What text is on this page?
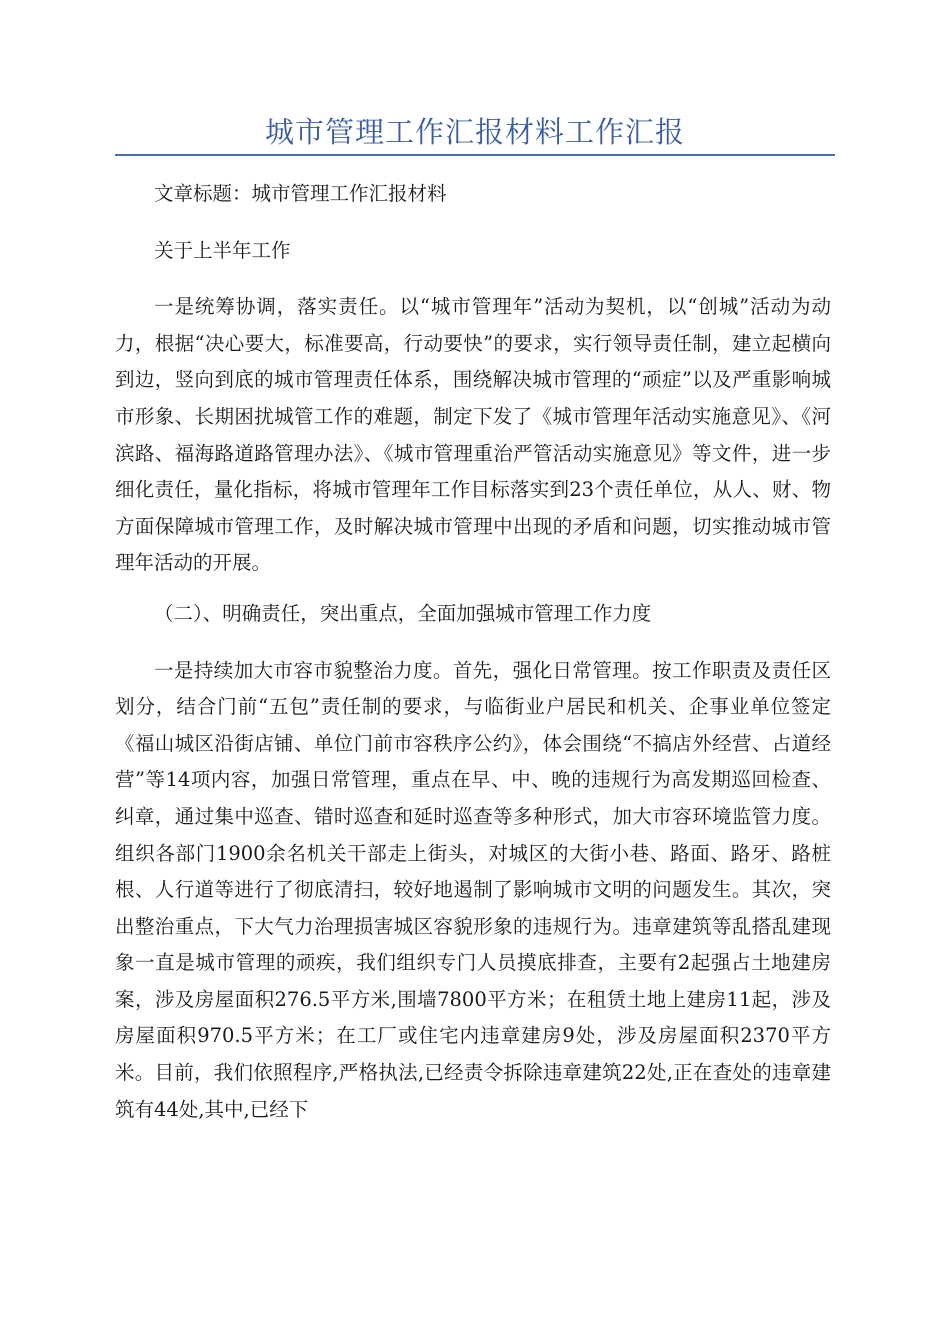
城市管理工作汇报材料工作汇报

文章标题：城市管理工作汇报材料

关于上半年工作

一是统筹协调，落实责任。以“城市管理年”活动为契机，以“创城”活动为动力，根据“决心要大，标准要高，行动要快”的要求，实行领导责任制，建立起横向到边，竖向到底的城市管理责任体系，围绕解决城市管理的“顽症”以及严重影响城市形象、长期困扰城管工作的难题，制定下发了《城市管理年活动实施意见》、《河滨路、福海路道路管理办法》、《城市管理重治严管活动实施意见》等文件，进一步细化责任，量化指标，将城市管理年工作目标落实到23个责任单位，从人、财、物方面保障城市管理工作，及时解决城市管理中出现的矛盾和问题，切实推动城市管理年活动的开展。

（二）、明确责任，突出重点，全面加强城市管理工作力度

一是持续加大市容市貌整治力度。首先，强化日常管理。按工作职责及责任区划分，结合门前“五包”责任制的要求，与临街业户居民和机关、企事业单位签定《福山城区沿街店铺、单位门前市容秩序公约》，体会围绕“不搞店外经营、占道经营”等14项内容，加强日常管理，重点在早、中、晚的违规行为高发期巡回检查、纠章，通过集中巡查、错时巡查和延时巡查等多种形式，加大市容环境监管力度。组织各部门1900余名机关干部走上街头，对城区的大街小巷、路面、路牙、路桩根、人行道等进行了彻底清扫，较好地遏制了影响城市文明的问题发生。其次，突出整治重点，下大气力治理损害城区容貌形象的违规行为。违章建筑等乱搭乱建现象一直是城市管理的顽疾，我们组织专门人员摸底排查，主要有2起强占土地建房案，涉及房屋面积276.5平方米,围墙7800平方米；在租赁土地上建房11起，涉及房屋面积970.5平方米；在工厂或住宅内违章建房9处，涉及房屋面积2370平方米。目前，我们依照程序,严格执法,已经责令拆除违章建筑22处,正在查处的违章建筑有44处,其中,已经下
